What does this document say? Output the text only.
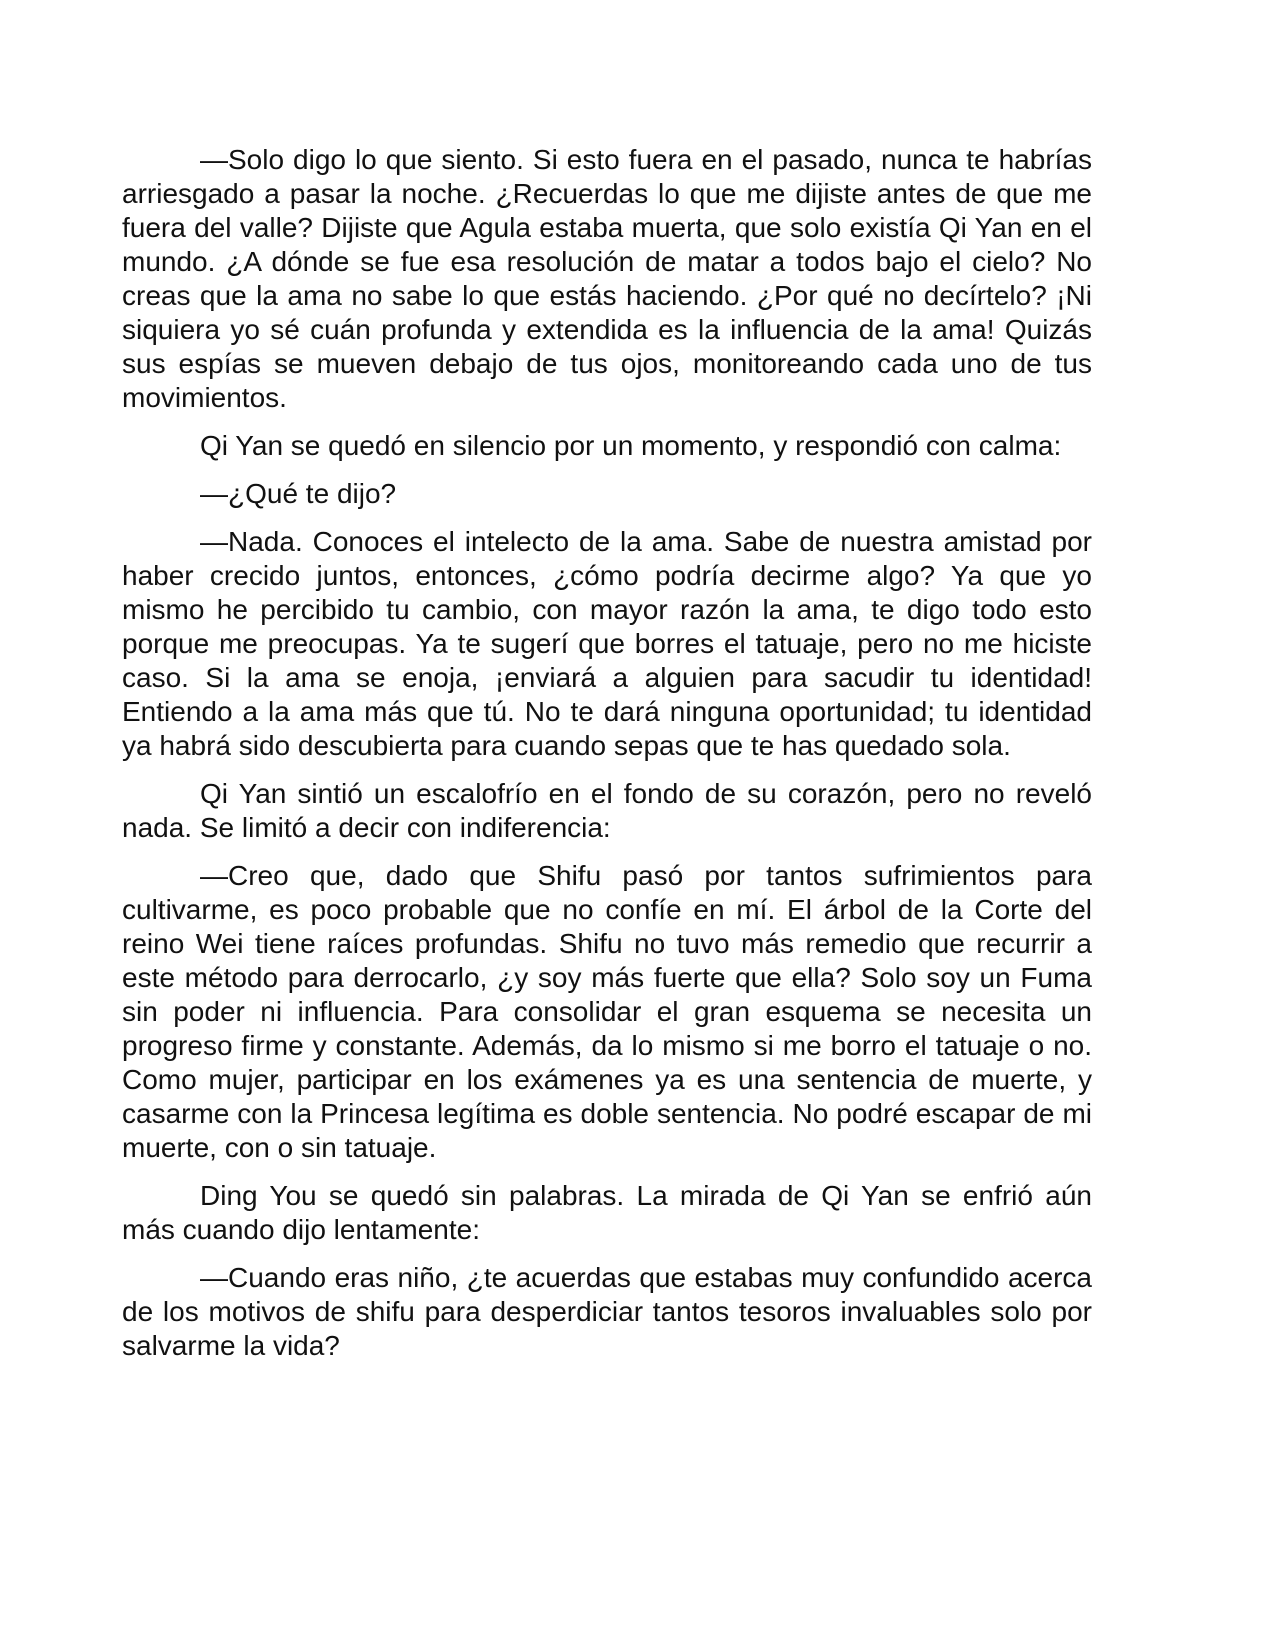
—Solo digo lo que siento. Si esto fuera en el pasado, nunca te habrías arriesgado a pasar la noche. ¿Recuerdas lo que me dijiste antes de que me fuera del valle? Dijiste que Agula estaba muerta, que solo existía Qi Yan en el mundo. ¿A dónde se fue esa resolución de matar a todos bajo el cielo? No creas que la ama no sabe lo que estás haciendo. ¿Por qué no decírtelo? ¡Ni siquiera yo sé cuán profunda y extendida es la influencia de la ama! Quizás sus espías se mueven debajo de tus ojos, monitoreando cada uno de tus movimientos.

Qi Yan se quedó en silencio por un momento, y respondió con calma:

—¿Qué te dijo?

—Nada. Conoces el intelecto de la ama. Sabe de nuestra amistad por haber crecido juntos, entonces, ¿cómo podría decirme algo? Ya que yo mismo he percibido tu cambio, con mayor razón la ama, te digo todo esto porque me preocupas. Ya te sugerí que borres el tatuaje, pero no me hiciste caso. Si la ama se enoja, ¡enviará a alguien para sacudir tu identidad! Entiendo a la ama más que tú. No te dará ninguna oportunidad; tu identidad ya habrá sido descubierta para cuando sepas que te has quedado sola.

Qi Yan sintió un escalofrío en el fondo de su corazón, pero no reveló nada. Se limitó a decir con indiferencia:

—Creo que, dado que Shifu pasó por tantos sufrimientos para cultivarme, es poco probable que no confíe en mí. El árbol de la Corte del reino Wei tiene raíces profundas. Shifu no tuvo más remedio que recurrir a este método para derrocarlo, ¿y soy más fuerte que ella? Solo soy un Fuma sin poder ni influencia. Para consolidar el gran esquema se necesita un progreso firme y constante. Además, da lo mismo si me borro el tatuaje o no. Como mujer, participar en los exámenes ya es una sentencia de muerte, y casarme con la Princesa legítima es doble sentencia. No podré escapar de mi muerte, con o sin tatuaje.

Ding You se quedó sin palabras. La mirada de Qi Yan se enfrió aún más cuando dijo lentamente:

—Cuando eras niño, ¿te acuerdas que estabas muy confundido acerca de los motivos de shifu para desperdiciar tantos tesoros invaluables solo por salvarme la vida?
